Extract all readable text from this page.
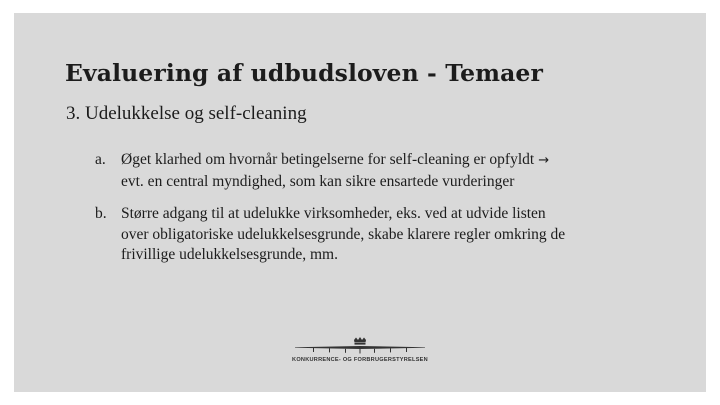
Evaluering af udbudsloven - Temaer
3. Udelukkelse og self-cleaning
a. Øget klarhed om hvornår betingelserne for self-cleaning er opfyldt →
evt. en central myndighed, som kan sikre ensartede vurderinger
b. Større adgang til at udelukke virksomheder, eks. ved at udvide listen
over obligatoriske udelukkelsesgrunde, skabe klarere regler omkring de
frivillige udelukkelsesgrunde, mm.
KONKURRENCE- OG FORBRUGERSTYRELSEN
